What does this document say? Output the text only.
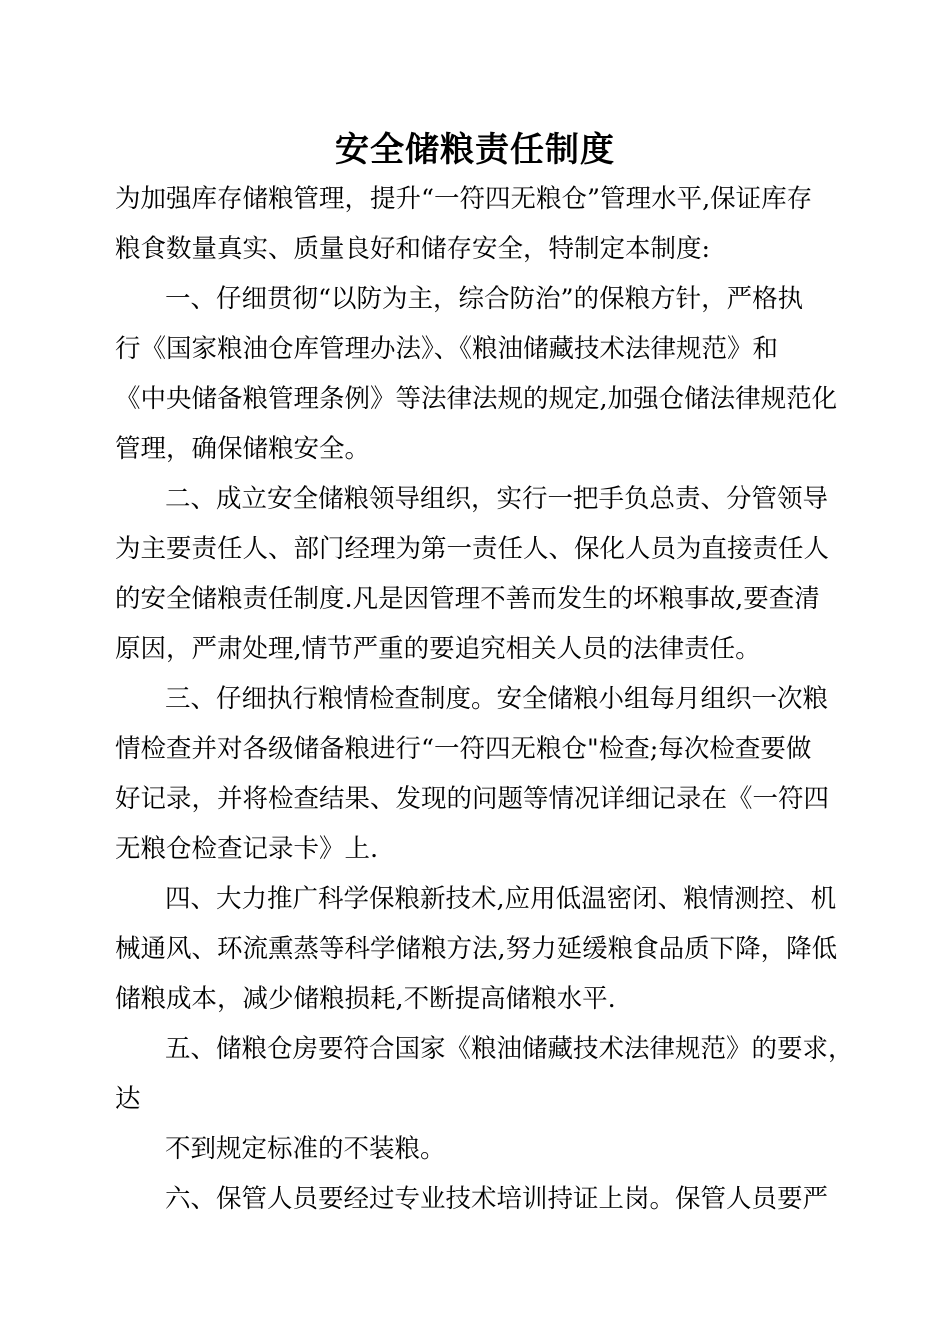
安全储粮责任制度
为加强库存储粮管理，提升“一符四无粮仓”管理水平,保证库存
粮食数量真实、质量良好和储存安全，特制定本制度:
一、仔细贯彻“以防为主，综合防治”的保粮方针，严格执
行《国家粮油仓库管理办法》、《粮油储藏技术法律规范》和
《中央储备粮管理条例》等法律法规的规定,加强仓储法律规范化
管理，确保储粮安全。
二、成立安全储粮领导组织，实行一把手负总责、分管领导
为主要责任人、部门经理为第一责任人、保化人员为直接责任人
的安全储粮责任制度.凡是因管理不善而发生的坏粮事故,要查清
原因，严肃处理,情节严重的要追究相关人员的法律责任。
三、仔细执行粮情检查制度。安全储粮小组每月组织一次粮
情检查并对各级储备粮进行“一符四无粮仓"检查;每次检查要做
好记录，并将检查结果、发现的问题等情况详细记录在《一符四
无粮仓检查记录卡》上.
四、大力推广科学保粮新技术,应用低温密闭、粮情测控、机
械通风、环流熏蒸等科学储粮方法,努力延缓粮食品质下降，降低
储粮成本，减少储粮损耗,不断提高储粮水平.
五、储粮仓房要符合国家《粮油储藏技术法律规范》的要求，
达
不到规定标准的不装粮。
六、保管人员要经过专业技术培训持证上岗。保管人员要严
